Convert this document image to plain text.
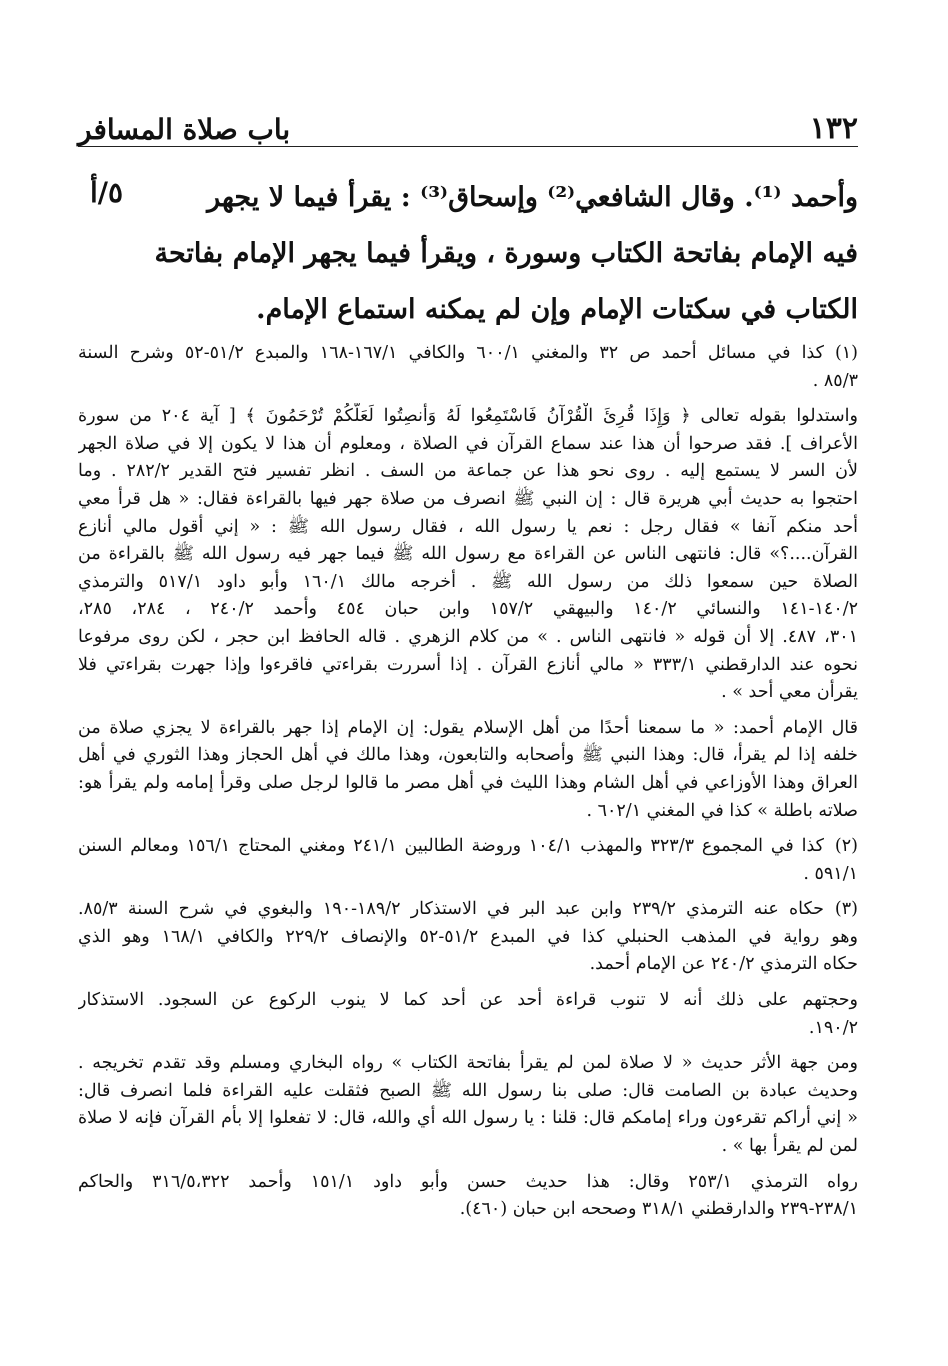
١٣٢
باب صلاة المسافر
٥/أ	وأحمد ⁽¹⁾. وقال الشافعي⁽²⁾ وإسحاق⁽³⁾ : يقرأ فيما لا يجهر
فيه الإمام بفاتحة الكتاب وسورة ، ويقرأ فيما يجهر الإمام بفاتحة
الكتاب في سكتات الإمام وإن لم يمكنه استماع الإمام.
(١)كذا في مسائل أحمد ص ٣٢ والمغني ٦٠٠/١ والكافي ١٦٧/١-١٦٨ والمبدع ٥١/٢-٥٢ وشرح السنة
٨٥/٣ .
واستدلوا بقوله تعالى ﴿ وَإِذَا قُرِئَ الْقُرْآنُ فَاسْتَمِعُوا لَهُ وَأَنصِتُوا لَعَلَّكُمْ تُرْحَمُونَ ﴾ [ آية ٢٠٤ من سورة
الأعراف ]. فقد صرحوا أن هذا عند سماع القرآن في الصلاة ، ومعلوم أن هذا لا يكون إلا في صلاة الجهر
لأن السر لا يستمع إليه . روى نحو هذا عن جماعة من السف . انظر تفسير فتح القدير ٢٨٢/٢ . وما
احتجوا به حديث أبي هريرة قال : إن النبي ﷺ انصرف من صلاة جهر فيها بالقراءة فقال: « هل قرأ معي
أحد منكم آنفا » فقال رجل : نعم يا رسول الله ، فقال رسول الله ﷺ : « إني أقول مالي أنازع
القرآن....؟» قال: فانتهى الناس عن القراءة مع رسول الله ﷺ فيما جهر فيه رسول الله ﷺ بالقراءة من
الصلاة حين سمعوا ذلك من رسول الله ﷺ . أخرجه مالك ١٦٠/١ وأبو داود ٥١٧/١ والترمذي
١٤٠/٢-١٤١ والنسائي ١٤٠/٢ والبيهقي ١٥٧/٢ وابن حبان ٤٥٤ وأحمد ٢٤٠/٢ ، ٢٨٤، ٢٨٥،
٣٠١، ٤٨٧. إلا أن قوله « فانتهى الناس . » من كلام الزهري . قاله الحافظ ابن حجر ، لكن روى مرفوعا
نحوه عند الدارقطني ٣٣٣/١ « مالي أنازع القرآن . إذا أسررت بقراءتي فاقرءوا وإذا جهرت بقراءتي فلا
يقرأن معي أحد » .
قال الإمام أحمد: « ما سمعنا أحدًا من أهل الإسلام يقول: إن الإمام إذا جهر بالقراءة لا يجزي صلاة من
خلفه إذا لم يقرأ، قال: وهذا النبي ﷺ وأصحابه والتابعون، وهذا مالك في أهل الحجاز وهذا الثوري في أهل
العراق وهذا الأوزاعي في أهل الشام وهذا الليث في أهل مصر ما قالوا لرجل صلى وقرأ إمامه ولم يقرأ هو:
صلاته باطلة » كذا في المغني ٦٠٢/١ .
(٢)كذا في المجموع ٣٢٣/٣ والمهذب ١٠٤/١ وروضة الطالبين ٢٤١/١ ومغني المحتاج ١٥٦/١ ومعالم السنن
٥٩١/١ .
(٣)حكاه عنه الترمذي ٢٣٩/٢ وابن عبد البر في الاستذكار ١٨٩/٢-١٩٠ والبغوي في شرح السنة ٨٥/٣.
وهو رواية في المذهب الحنبلي كذا في المبدع ٥١/٢-٥٢ والإنصاف ٢٢٩/٢ والكافي ١٦٨/١ وهو الذي
حكاه الترمذي ٢٤٠/٢ عن الإمام أحمد.
وحجتهم على ذلك أنه لا تنوب قراءة أحد عن أحد كما لا ينوب الركوع عن السجود. الاستذكار
١٩٠/٢.
ومن جهة الأثر حديث « لا صلاة لمن لم يقرأ بفاتحة الكتاب » رواه البخاري ومسلم وقد تقدم تخريجه .
وحديث عبادة بن الصامت قال: صلى بنا رسول الله ﷺ الصبح فثقلت عليه القراءة فلما انصرف قال:
« إني أراكم تقرءون وراء إمامكم قال: قلنا : يا رسول الله أي والله، قال: لا تفعلوا إلا بأم القرآن فإنه لا صلاة
لمن لم يقرأ بها » .
رواه الترمذي ٢٥٣/١ وقال: هذا حديث حسن وأبو داود ١٥١/١ وأحمد ٣١٦/٥،٣٢٢ والحاكم
٢٣٨/١-٢٣٩ والدارقطني ٣١٨/١ وصححه ابن حبان (٤٦٠).
